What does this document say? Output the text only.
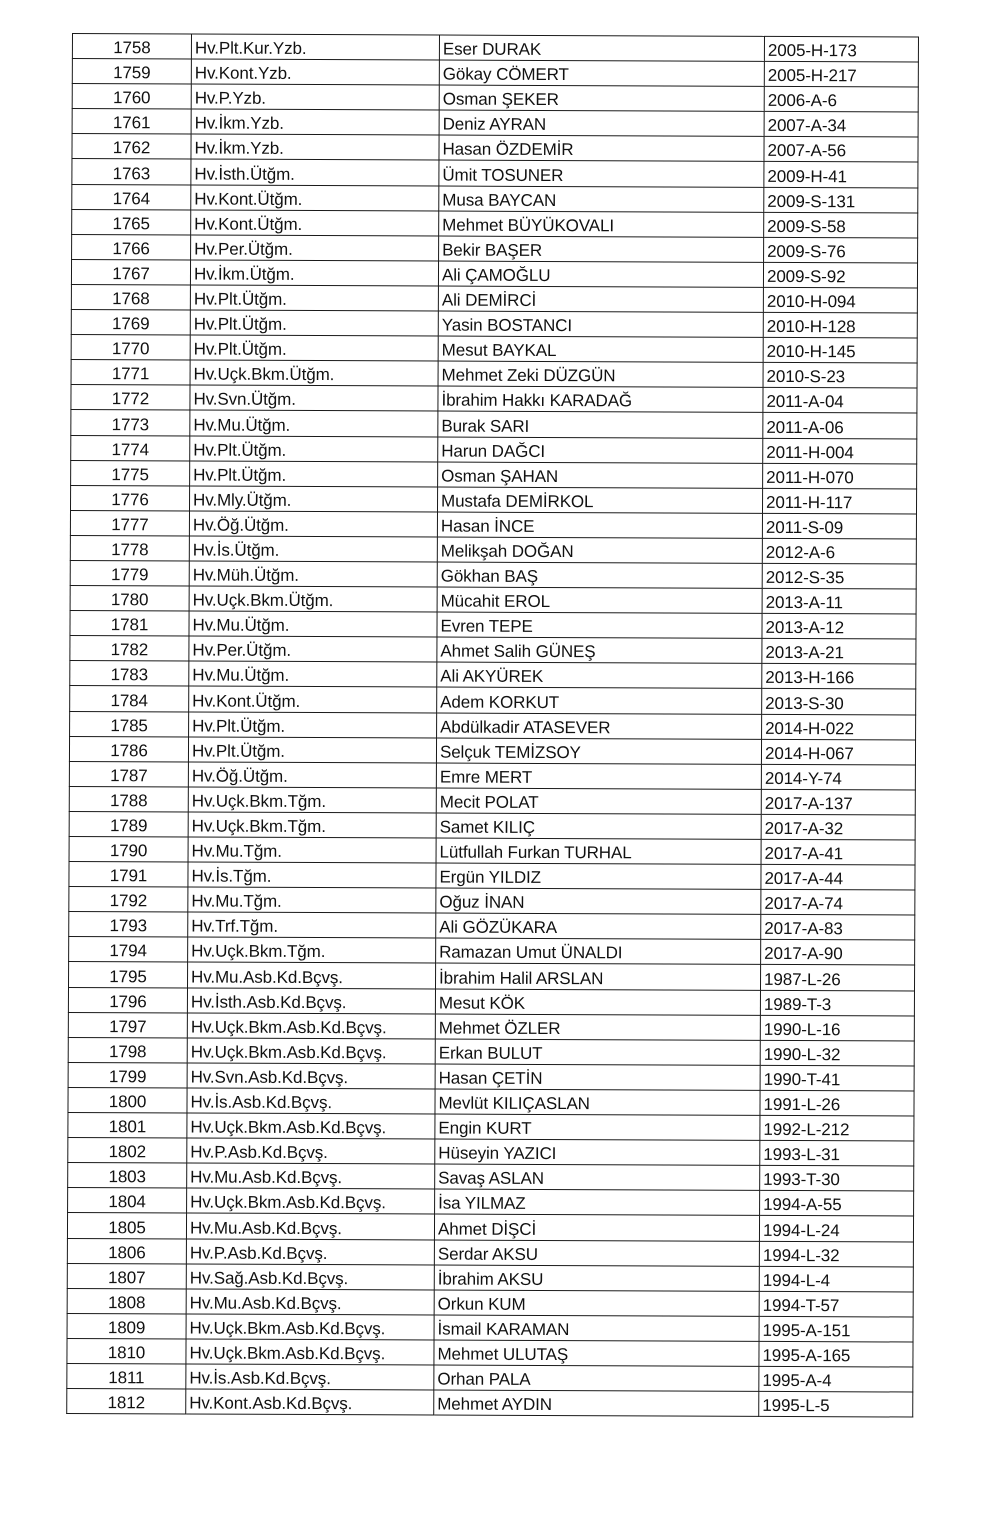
1758	Hv.Plt.Kur.Yzb.	Eser DURAK	2005-H-173
1759	Hv.Kont.Yzb.	Gökay CÖMERT	2005-H-217
1760	Hv.P.Yzb.	Osman ŞEKER	2006-A-6
1761	Hv.İkm.Yzb.	Deniz AYRAN	2007-A-34
1762	Hv.İkm.Yzb.	Hasan ÖZDEMİR	2007-A-56
1763	Hv.İsth.Ütğm.	Ümit TOSUNER	2009-H-41
1764	Hv.Kont.Ütğm.	Musa BAYCAN	2009-S-131
1765	Hv.Kont.Ütğm.	Mehmet BÜYÜKOVALI	2009-S-58
1766	Hv.Per.Ütğm.	Bekir BAŞER	2009-S-76
1767	Hv.İkm.Ütğm.	Ali ÇAMOĞLU	2009-S-92
1768	Hv.Plt.Ütğm.	Ali DEMİRCİ	2010-H-094
1769	Hv.Plt.Ütğm.	Yasin BOSTANCI	2010-H-128
1770	Hv.Plt.Ütğm.	Mesut BAYKAL	2010-H-145
1771	Hv.Uçk.Bkm.Ütğm.	Mehmet Zeki DÜZGÜN	2010-S-23
1772	Hv.Svn.Ütğm.	İbrahim Hakkı KARADAĞ	2011-A-04
1773	Hv.Mu.Ütğm.	Burak SARI	2011-A-06
1774	Hv.Plt.Ütğm.	Harun DAĞCI	2011-H-004
1775	Hv.Plt.Ütğm.	Osman ŞAHAN	2011-H-070
1776	Hv.Mly.Ütğm.	Mustafa DEMİRKOL	2011-H-117
1777	Hv.Öğ.Ütğm.	Hasan İNCE	2011-S-09
1778	Hv.İs.Ütğm.	Melikşah DOĞAN	2012-A-6
1779	Hv.Müh.Ütğm.	Gökhan BAŞ	2012-S-35
1780	Hv.Uçk.Bkm.Ütğm.	Mücahit EROL	2013-A-11
1781	Hv.Mu.Ütğm.	Evren TEPE	2013-A-12
1782	Hv.Per.Ütğm.	Ahmet Salih GÜNEŞ	2013-A-21
1783	Hv.Mu.Ütğm.	Ali AKYÜREK	2013-H-166
1784	Hv.Kont.Ütğm.	Adem KORKUT	2013-S-30
1785	Hv.Plt.Ütğm.	Abdülkadir ATASEVER	2014-H-022
1786	Hv.Plt.Ütğm.	Selçuk TEMİZSOY	2014-H-067
1787	Hv.Öğ.Ütğm.	Emre MERT	2014-Y-74
1788	Hv.Uçk.Bkm.Tğm.	Mecit POLAT	2017-A-137
1789	Hv.Uçk.Bkm.Tğm.	Samet KILIÇ	2017-A-32
1790	Hv.Mu.Tğm.	Lütfullah Furkan TURHAL	2017-A-41
1791	Hv.İs.Tğm.	Ergün YILDIZ	2017-A-44
1792	Hv.Mu.Tğm.	Oğuz İNAN	2017-A-74
1793	Hv.Trf.Tğm.	Ali GÖZÜKARA	2017-A-83
1794	Hv.Uçk.Bkm.Tğm.	Ramazan Umut ÜNALDI	2017-A-90
1795	Hv.Mu.Asb.Kd.Bçvş.	İbrahim Halil ARSLAN	1987-L-26
1796	Hv.İsth.Asb.Kd.Bçvş.	Mesut KÖK	1989-T-3
1797	Hv.Uçk.Bkm.Asb.Kd.Bçvş.	Mehmet ÖZLER	1990-L-16
1798	Hv.Uçk.Bkm.Asb.Kd.Bçvş.	Erkan BULUT	1990-L-32
1799	Hv.Svn.Asb.Kd.Bçvş.	Hasan ÇETİN	1990-T-41
1800	Hv.İs.Asb.Kd.Bçvş.	Mevlüt KILIÇASLAN	1991-L-26
1801	Hv.Uçk.Bkm.Asb.Kd.Bçvş.	Engin KURT	1992-L-212
1802	Hv.P.Asb.Kd.Bçvş.	Hüseyin YAZICI	1993-L-31
1803	Hv.Mu.Asb.Kd.Bçvş.	Savaş ASLAN	1993-T-30
1804	Hv.Uçk.Bkm.Asb.Kd.Bçvş.	İsa YILMAZ	1994-A-55
1805	Hv.Mu.Asb.Kd.Bçvş.	Ahmet DİŞCİ	1994-L-24
1806	Hv.P.Asb.Kd.Bçvş.	Serdar AKSU	1994-L-32
1807	Hv.Sağ.Asb.Kd.Bçvş.	İbrahim AKSU	1994-L-4
1808	Hv.Mu.Asb.Kd.Bçvş.	Orkun KUM	1994-T-57
1809	Hv.Uçk.Bkm.Asb.Kd.Bçvş.	İsmail KARAMAN	1995-A-151
1810	Hv.Uçk.Bkm.Asb.Kd.Bçvş.	Mehmet ULUTAŞ	1995-A-165
1811	Hv.İs.Asb.Kd.Bçvş.	Orhan PALA	1995-A-4
1812	Hv.Kont.Asb.Kd.Bçvş.	Mehmet AYDIN	1995-L-5
